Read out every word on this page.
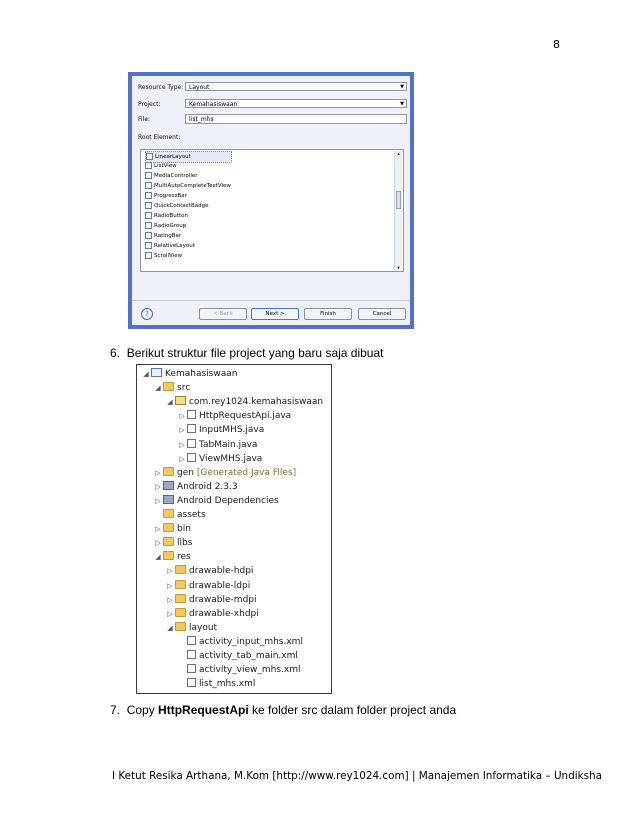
8
Resource Type: Layout	▼
Project:	Kemahasiswaan	▼
File:	list_mhs
Root Element:
LinearLayout
ListView
MediaController
MultiAutoCompleteTextView
ProgressBar
QuickContactBadge
RadioButton
RadioGroup
RatingBar
RelativeLayout
ScrollView
▲
▼
?	< Back	Next >	Finish	Cancel
6. Berikut struktur file project yang baru saja dibuat
◢ Kemahasiswaan
◢ src
◢ com.rey1024.kemahasiswaan
▷ HttpRequestApi.java
▷ InputMHS.java
▷ TabMain.java
▷ ViewMHS.java
▷ gen [Generated Java Files]
▷ Android 2.3.3
▷ Android Dependencies
assets
▷ bin
▷ libs
◢ res
▷ drawable-hdpi
▷ drawable-ldpi
▷ drawable-mdpi
▷ drawable-xhdpi
◢ layout
activity_input_mhs.xml
activity_tab_main.xml
activity_view_mhs.xml
list_mhs.xml
7. Copy HttpRequestApi ke folder src dalam folder project anda
I Ketut Resika Arthana, M.Kom [http://www.rey1024.com] | Manajemen Informatika – Undiksha
